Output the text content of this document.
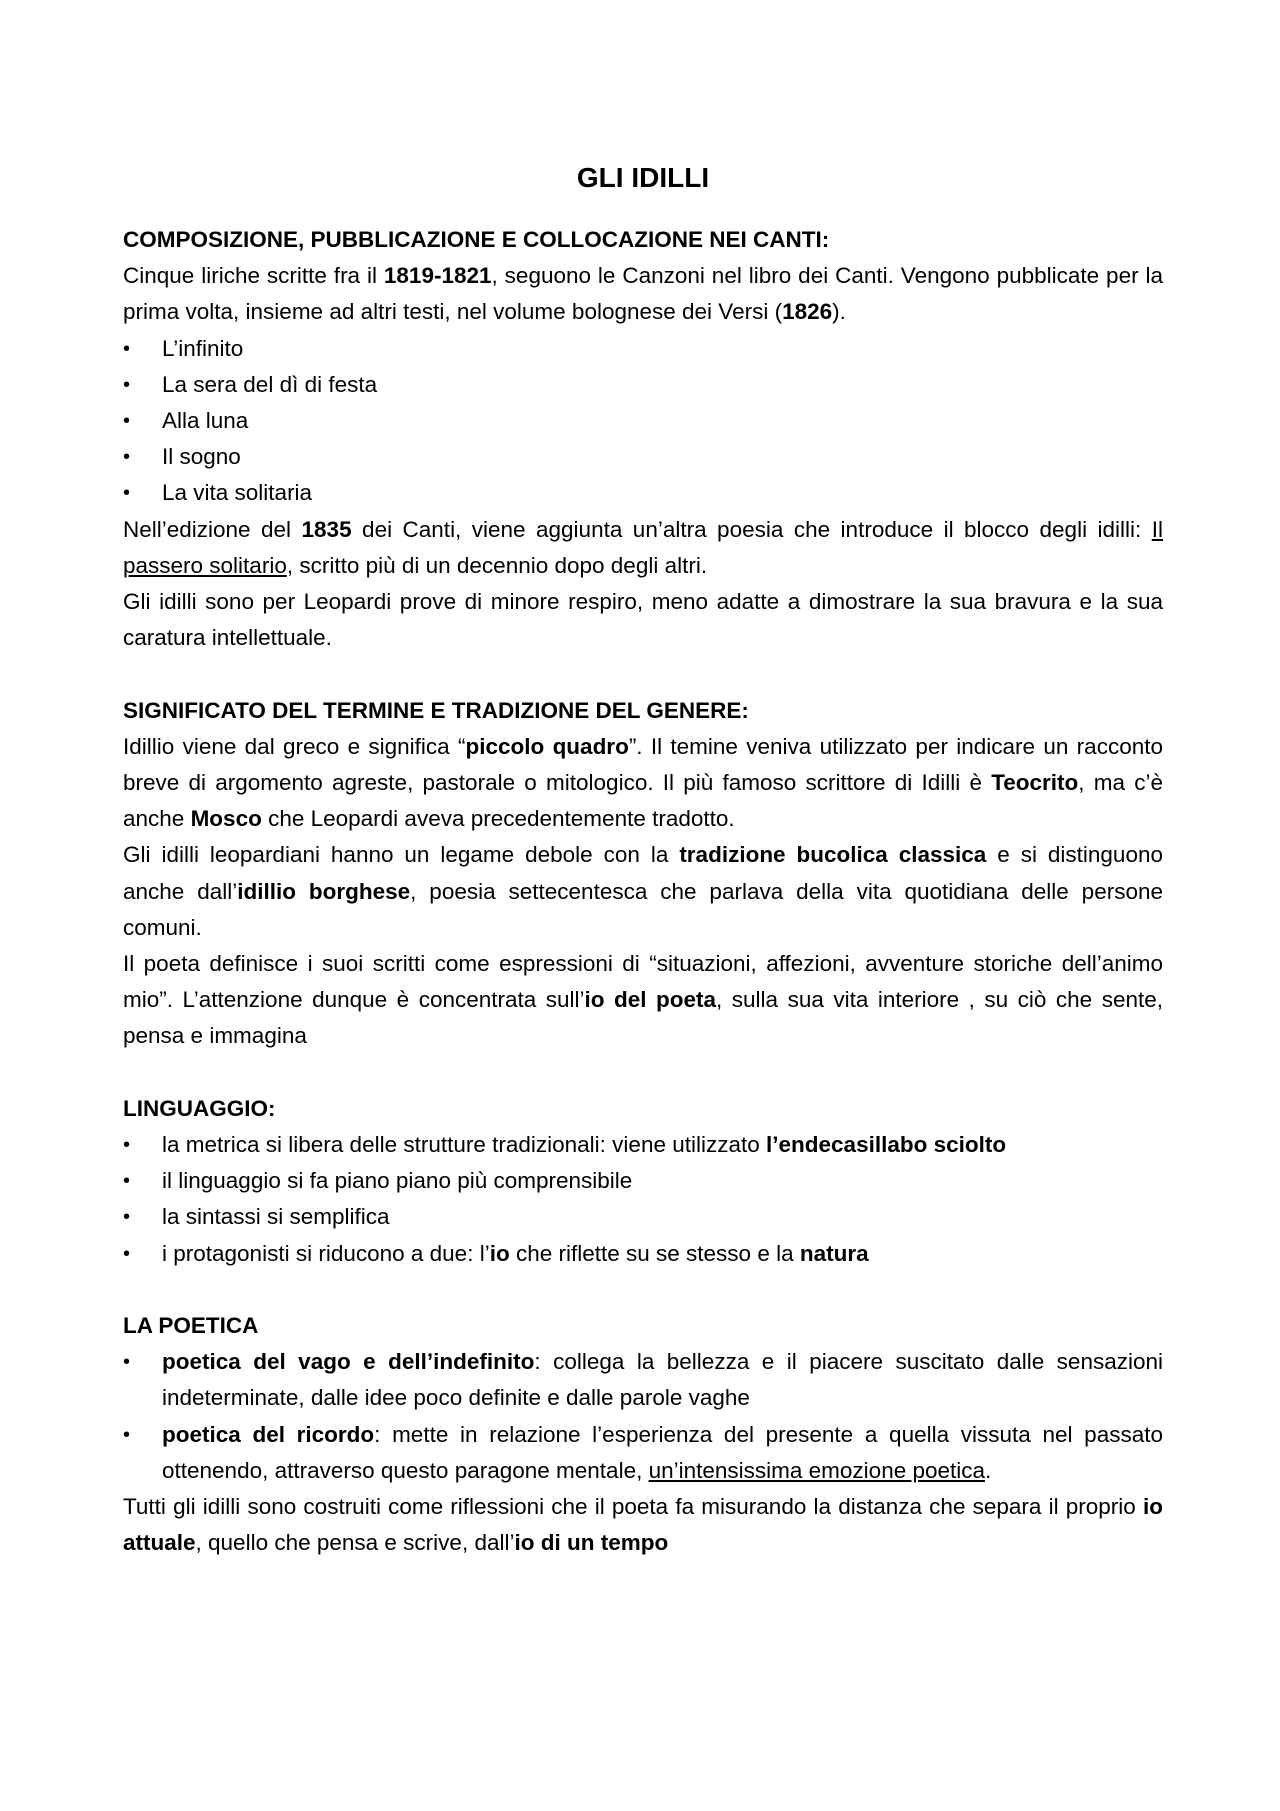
GLI IDILLI

COMPOSIZIONE, PUBBLICAZIONE E COLLOCAZIONE NEI CANTI:

Cinque liriche scritte fra il 1819-1821, seguono le Canzoni nel libro dei Canti. Vengono pubblicate per la prima volta, insieme ad altri testi, nel volume bolognese dei Versi (1826).

• L’infinito
• La sera del dì di festa
• Alla luna
• Il sogno
• La vita solitaria

Nell’edizione del 1835 dei Canti, viene aggiunta un’altra poesia che introduce il blocco degli idilli: Il passero solitario, scritto più di un decennio dopo degli altri.

Gli idilli sono per Leopardi prove di minore respiro, meno adatte a dimostrare la sua bravura e la sua caratura intellettuale.

SIGNIFICATO DEL TERMINE E TRADIZIONE DEL GENERE:

Idillio viene dal greco e significa “piccolo quadro”. Il temine veniva utilizzato per indicare un racconto breve di argomento agreste, pastorale o mitologico. Il più famoso scrittore di Idilli è Teocrito, ma c’è anche Mosco che Leopardi aveva precedentemente tradotto.

Gli idilli leopardiani hanno un legame debole con la tradizione bucolica classica e si distinguono anche dall’idillio borghese, poesia settecentesca che parlava della vita quotidiana delle persone comuni.

Il poeta definisce i suoi scritti come espressioni di “situazioni, affezioni, avventure storiche dell’animo mio”. L’attenzione dunque è concentrata sull’io del poeta, sulla sua vita interiore , su ciò che sente, pensa e immagina

LINGUAGGIO:

• la metrica si libera delle strutture tradizionali: viene utilizzato l’endecasillabo sciolto
• il linguaggio si fa piano piano più comprensibile
• la sintassi si semplifica
• i protagonisti si riducono a due: l’io che riflette su se stesso e la natura

LA POETICA

• poetica del vago e dell’indefinito: collega la bellezza e il piacere suscitato dalle sensazioni indeterminate, dalle idee poco definite e dalle parole vaghe
• poetica del ricordo: mette in relazione l’esperienza del presente a quella vissuta nel passato ottenendo, attraverso questo paragone mentale, un’intensissima emozione poetica.

Tutti gli idilli sono costruiti come riflessioni che il poeta fa misurando la distanza che separa il proprio io attuale, quello che pensa e scrive, dall’io di un tempo
